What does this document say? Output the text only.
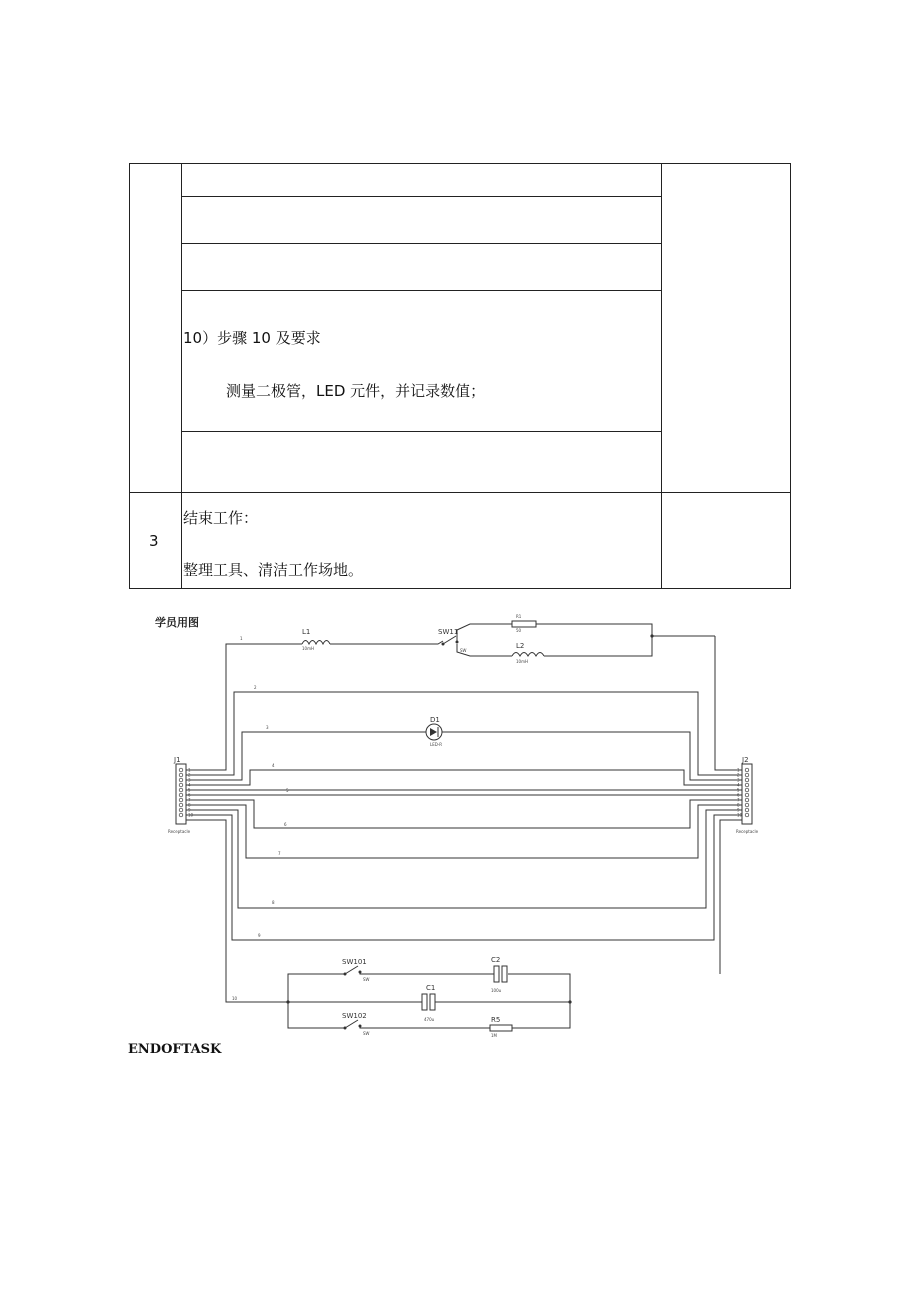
10）步骤 10 及要求
测量二极管，LED 元件，并记录数值；
3
结束工作：
整理工具、清洁工作场地。
学员用图
L1
10mH
SW11
SW
R1
50
L2
10mH
D1
LED-R
J1
Receptacle
J2
Receptacle
1
2
3
4
5
6
7
8
9
10
1
2
3
4
5
6
7
8
9
10
1
2
3
4
5
6
7
8
9
10
SW101
SW
SW102
SW
C1
470u
C2
100u
R5
1M
ENDOFTASK
